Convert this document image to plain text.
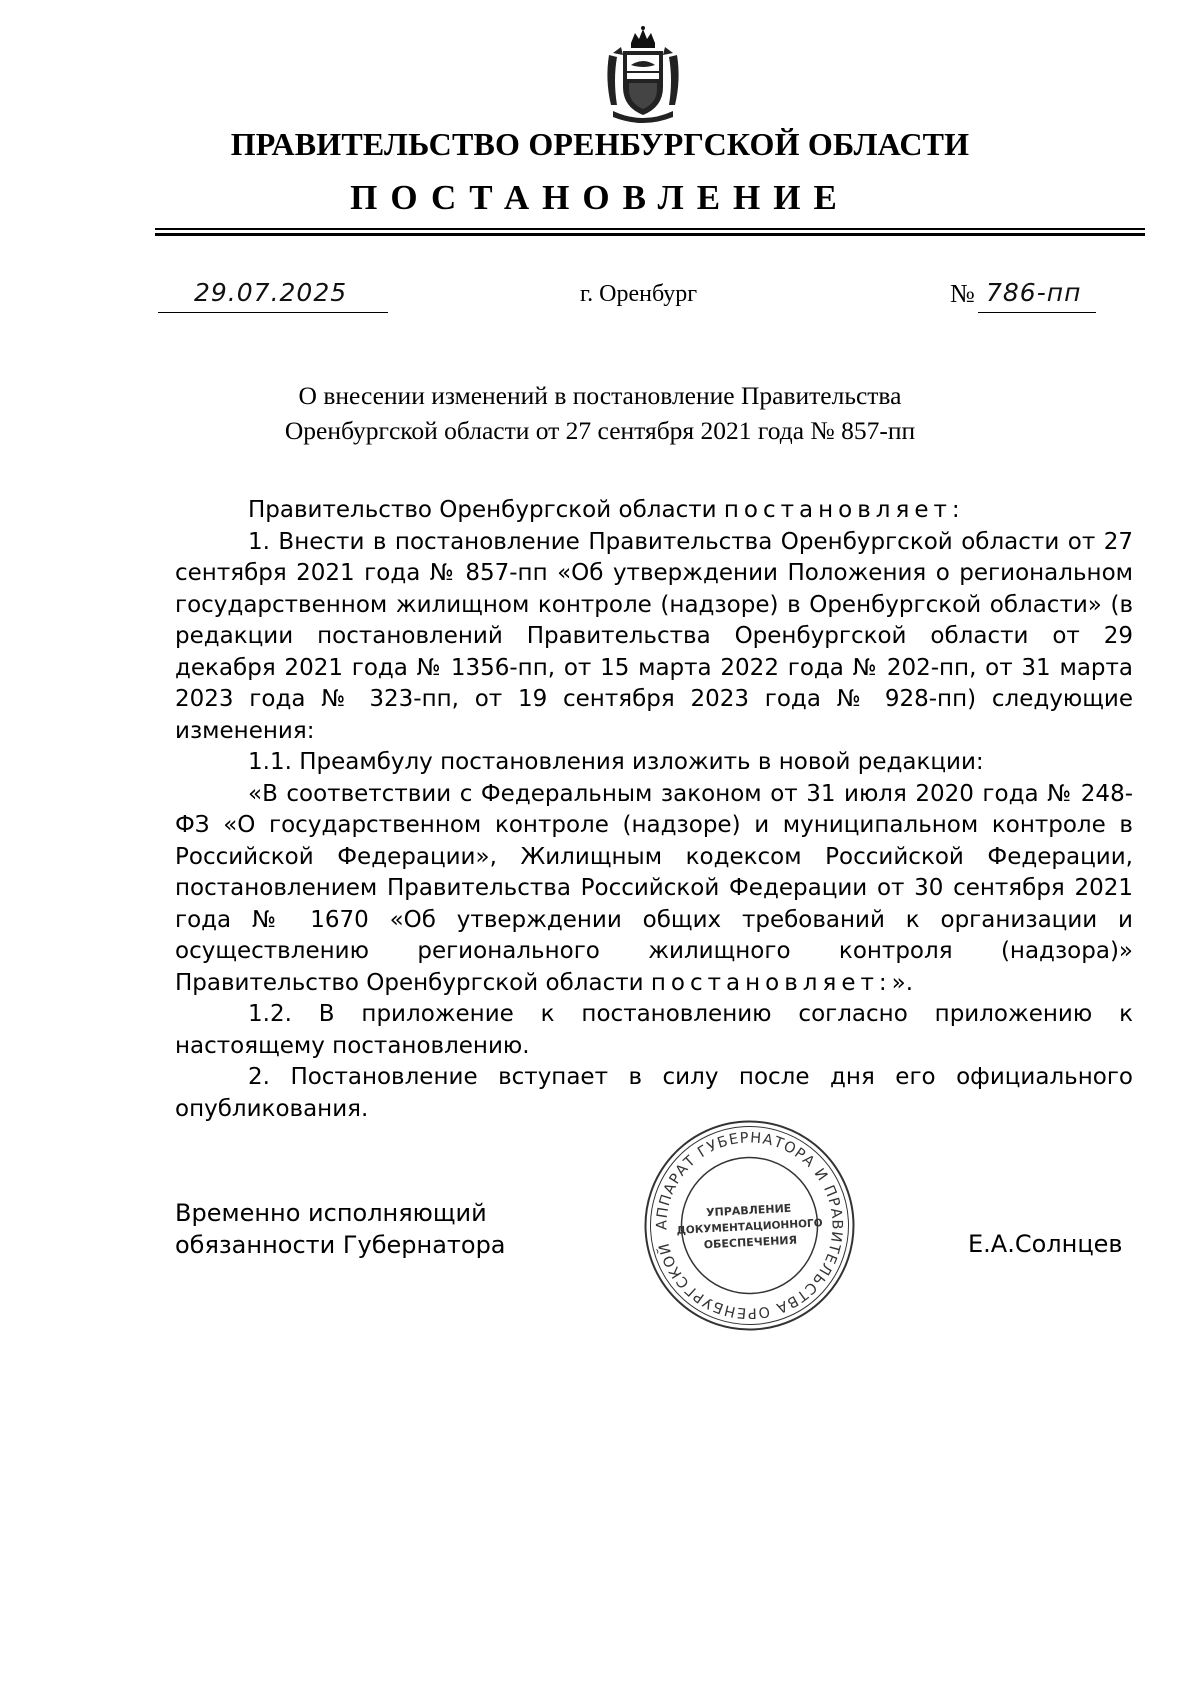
ПРАВИТЕЛЬСТВО ОРЕНБУРГСКОЙ ОБЛАСТИ
ПОСТАНОВЛЕНИЕ
29.07.2025	г. Оренбург	№ 786-пп
О внесении изменений в постановление Правительства
Оренбургской области от 27 сентября 2021 года № 857-пп

Правительство Оренбургской области постановляет:

1. Внести в постановление Правительства Оренбургской области от 27 сентября 2021 года № 857-пп «Об утверждении Положения о региональном государственном жилищном контроле (надзоре) в Оренбургской области» (в редакции постановлений Правительства Оренбургской области от 29 декабря 2021 года № 1356-пп, от 15 марта 2022 года № 202-пп, от 31 марта 2023 года № 323-пп, от 19 сентября 2023 года № 928-пп) следующие изменения:

1.1. Преамбулу постановления изложить в новой редакции:

«В соответствии с Федеральным законом от 31 июля 2020 года № 248-ФЗ «О государственном контроле (надзоре) и муниципальном контроле в Российской Федерации», Жилищным кодексом Российской Федерации, постановлением Правительства Российской Федерации от 30 сентября 2021 года № 1670 «Об утверждении общих требований к организации и осуществлению регионального жилищного контроля (надзора)» Правительство Оренбургской области постановляет:».

1.2. В приложение к постановлению согласно приложению к настоящему постановлению.

2. Постановление вступает в силу после дня его официального опубликования.

Временно исполняющий
обязанности Губернатора	Е.А.Солнцев
АППАРАТ ГУБЕРНАТОРА И ПРАВИТЕЛЬСТВА ОРЕНБУРГСКОЙ ОБЛАСТИ
УПРАВЛЕНИЕ
ДОКУМЕНТАЦИОННОГО
ОБЕСПЕЧЕНИЯ
